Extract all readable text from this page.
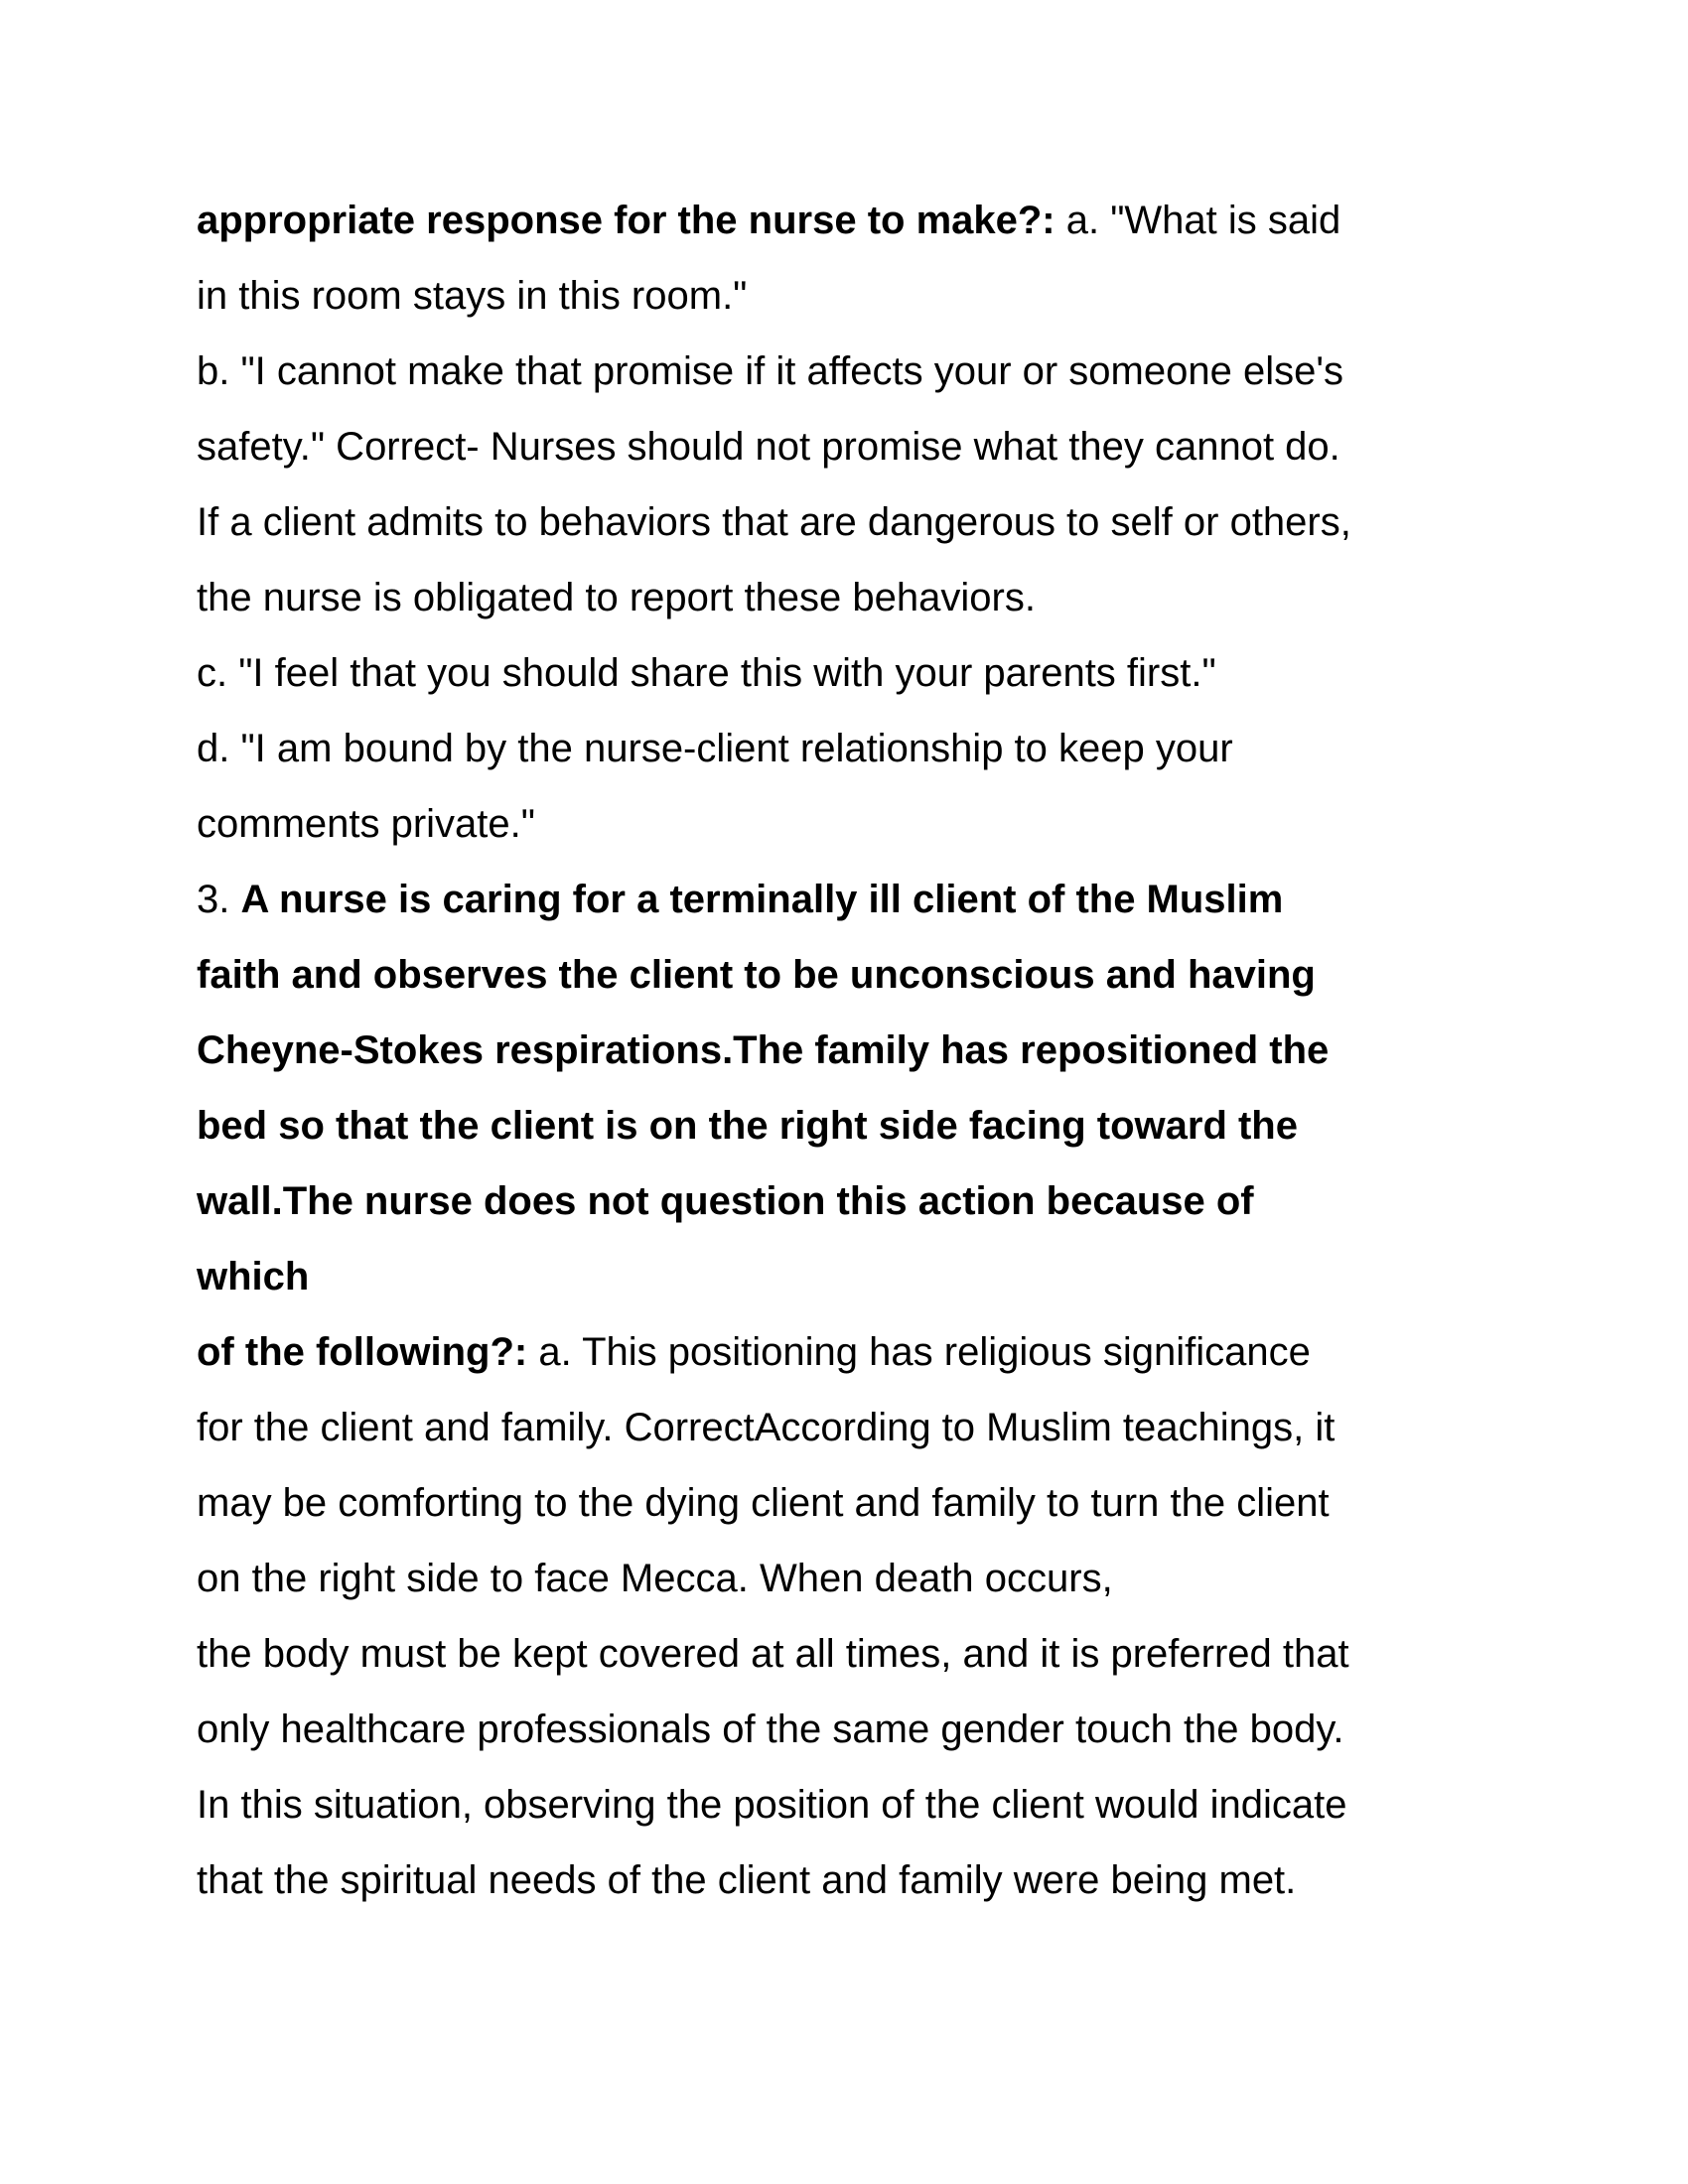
appropriate response for the nurse to make?: a. "What is said
in this room stays in this room."
b. "I cannot make that promise if it affects your or someone else's
safety." Correct- Nurses should not promise what they cannot do.
If a client admits to behaviors that are dangerous to self or others,
the nurse is obligated to report these behaviors.
c. "I feel that you should share this with your parents first."
d. "I am bound by the nurse-client relationship to keep your
comments private."
3. A nurse is caring for a terminally ill client of the Muslim
faith and observes the client to be unconscious and having
Cheyne-Stokes respirations.The family has repositioned the
bed so that the client is on the right side facing toward the
wall.The nurse does not question this action because of
which
of the following?: a. This positioning has religious significance
for the client and family. CorrectAccording to Muslim teachings, it
may be comforting to the dying client and family to turn the client
on the right side to face Mecca. When death occurs,
the body must be kept covered at all times, and it is preferred that
only healthcare professionals of the same gender touch the body.
In this situation, observing the position of the client would indicate
that the spiritual needs of the client and family were being met.
